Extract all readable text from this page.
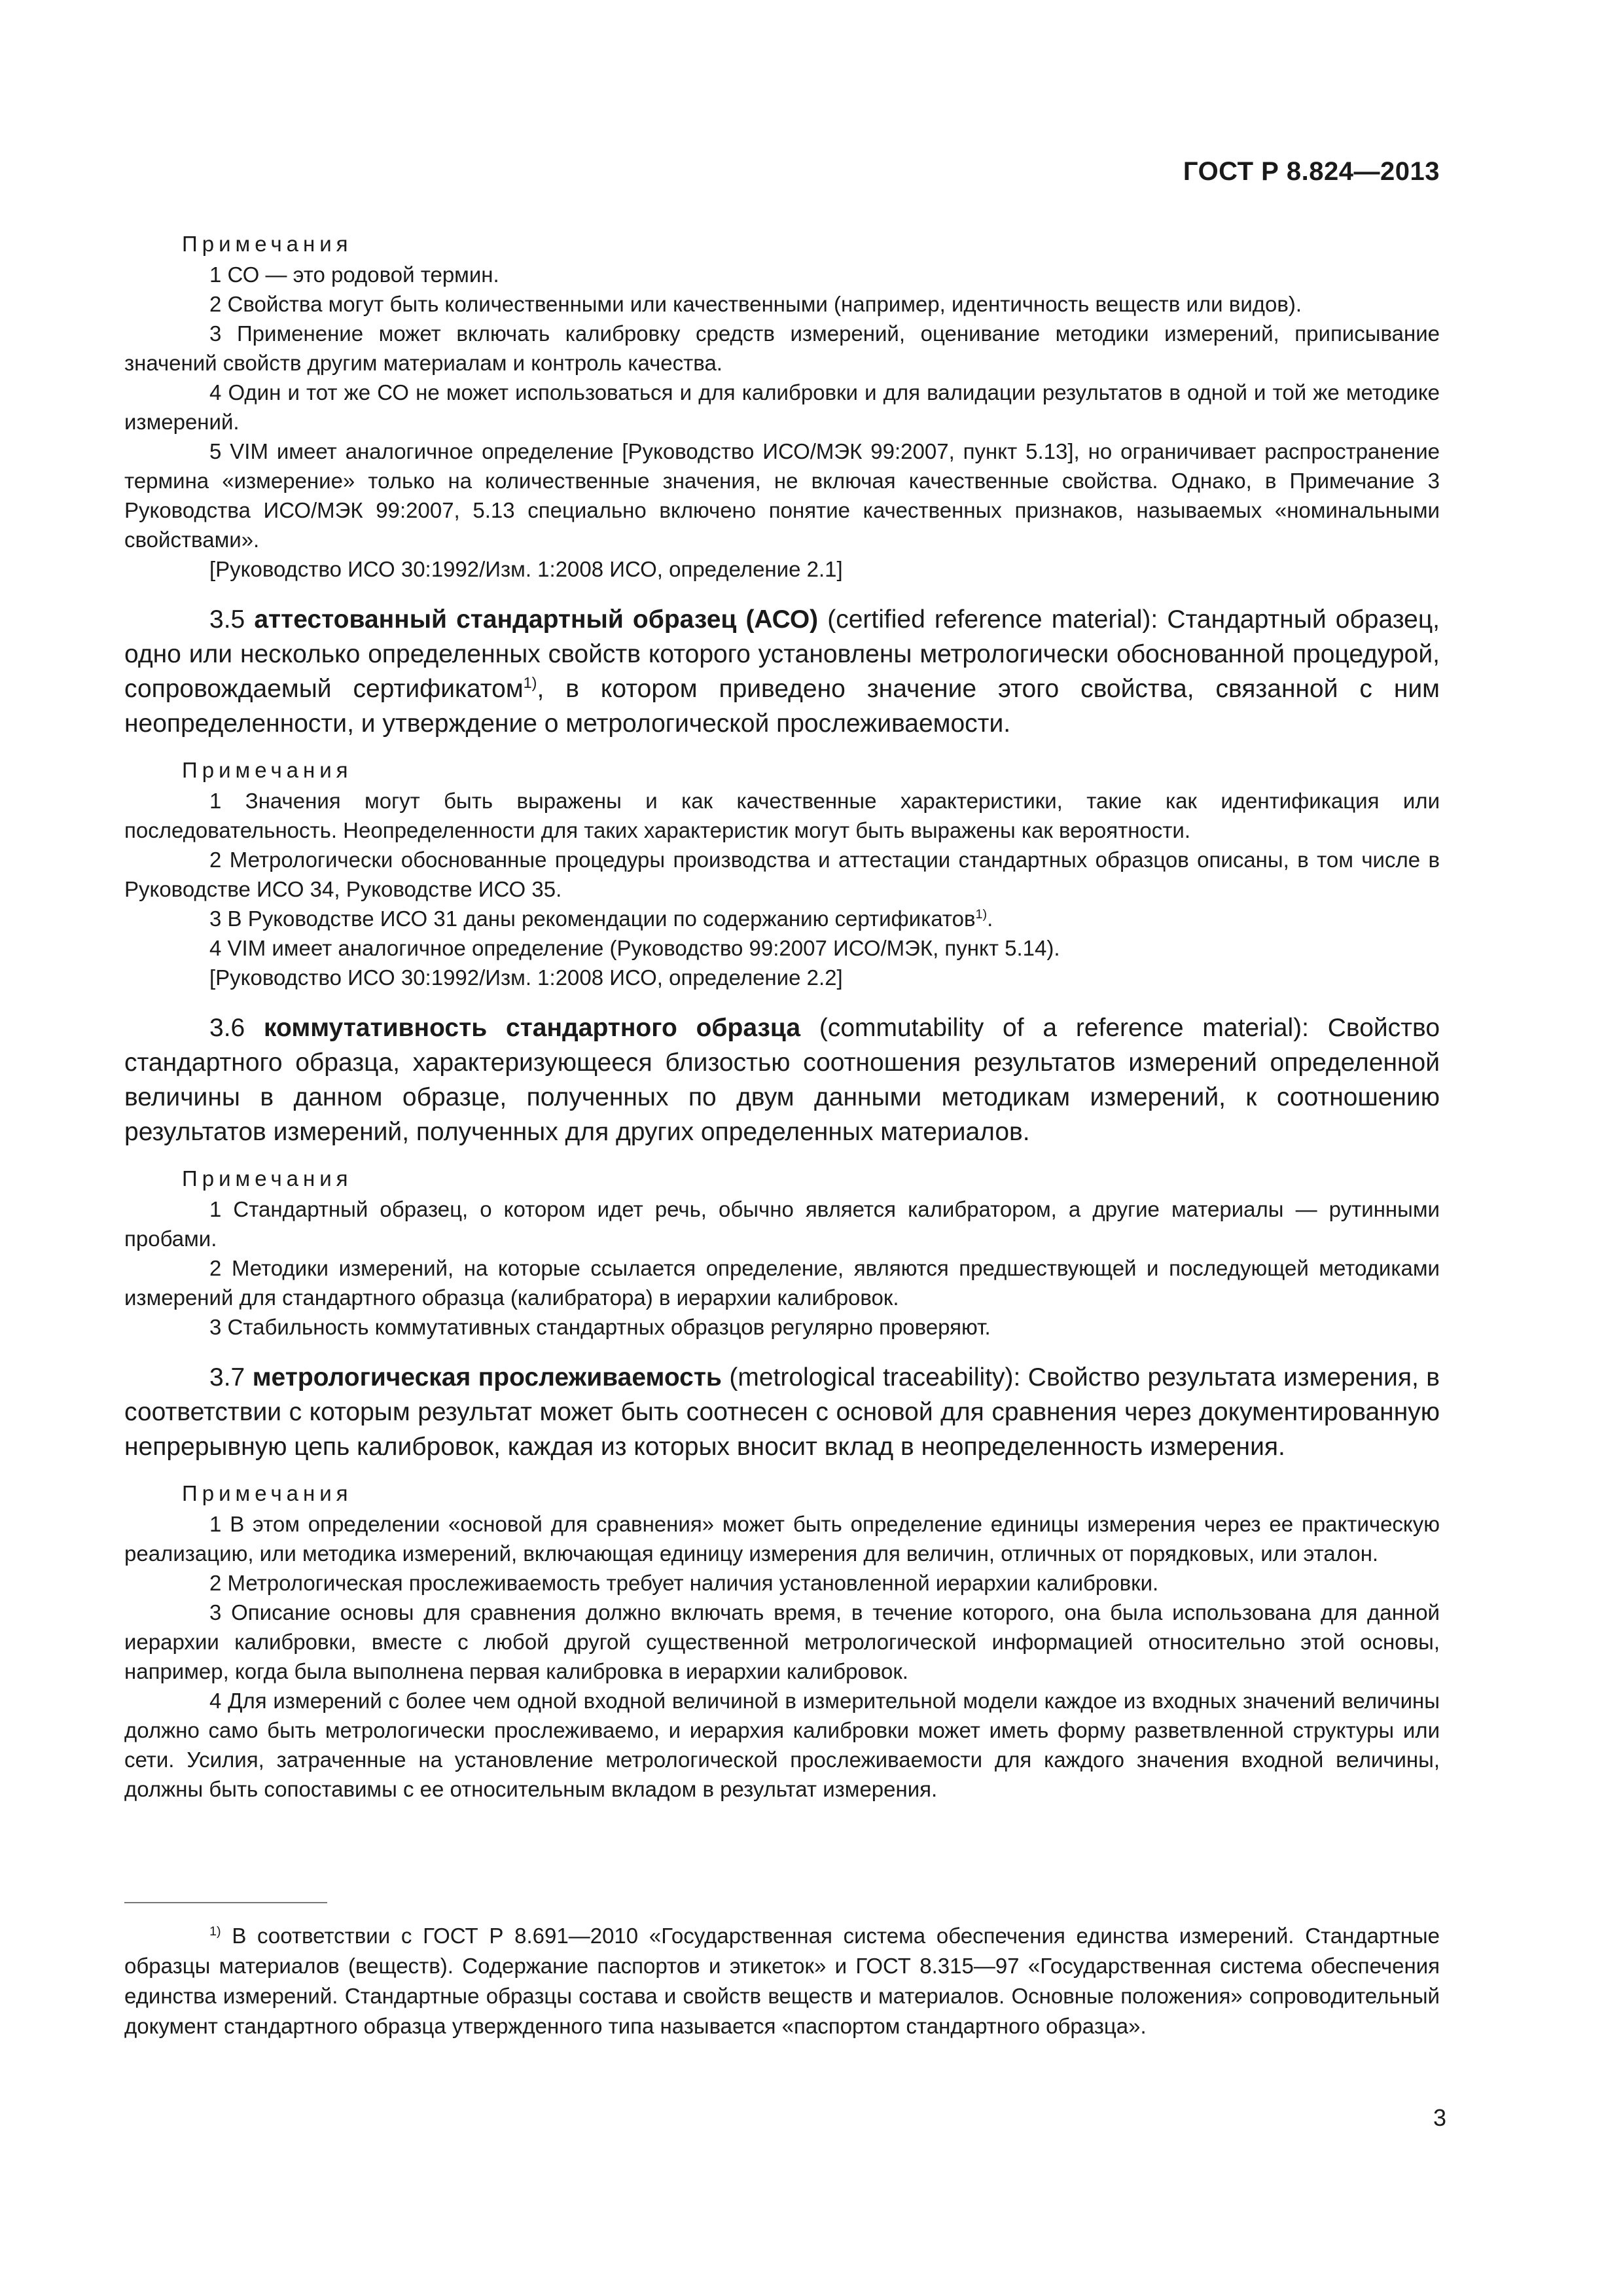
ГОСТ Р 8.824—2013

Примечания

1 СО — это родовой термин.

2 Свойства могут быть количественными или качественными (например, идентичность веществ или видов).

3 Применение может включать калибровку средств измерений, оценивание методики измерений, приписывание значений свойств другим материалам и контроль качества.

4 Один и тот же СО не может использоваться и для калибровки и для валидации результатов в одной и той же методике измерений.

5 VIM имеет аналогичное определение [Руководство ИСО/МЭК 99:2007, пункт 5.13], но ограничивает распространение термина «измерение» только на количественные значения, не включая качественные свойства. Однако, в Примечание 3 Руководства ИСО/МЭК 99:2007, 5.13 специально включено понятие качественных признаков, называемых «номинальными свойствами».

[Руководство ИСО 30:1992/Изм. 1:2008 ИСО, определение 2.1]

3.5 аттестованный стандартный образец (АСО) (certified reference material): Стандартный образец, одно или несколько определенных свойств которого установлены метрологически обоснованной процедурой, сопровождаемый сертификатом$^{1)}$, в котором приведено значение этого свойства, связанной с ним неопределенности, и утверждение о метрологической прослеживаемости.

Примечания

1 Значения могут быть выражены и как качественные характеристики, такие как идентификация или последовательность. Неопределенности для таких характеристик могут быть выражены как вероятности.

2 Метрологически обоснованные процедуры производства и аттестации стандартных образцов описаны, в том числе в Руководстве ИСО 34, Руководстве ИСО 35.

3 В Руководстве ИСО 31 даны рекомендации по содержанию сертификатов$^{1)}$.

4 VIM имеет аналогичное определение (Руководство 99:2007 ИСО/МЭК, пункт 5.14).

[Руководство ИСО 30:1992/Изм. 1:2008 ИСО, определение 2.2]

3.6 коммутативность стандартного образца (commutability of a reference material): Свойство стандартного образца, характеризующееся близостью соотношения результатов измерений определенной величины в данном образце, полученных по двум данными методикам измерений, к соотношению результатов измерений, полученных для других определенных материалов.

Примечания

1 Стандартный образец, о котором идет речь, обычно является калибратором, а другие материалы — рутинными пробами.

2 Методики измерений, на которые ссылается определение, являются предшествующей и последующей методиками измерений для стандартного образца (калибратора) в иерархии калибровок.

3 Стабильность коммутативных стандартных образцов регулярно проверяют.

3.7 метрологическая прослеживаемость (metrological traceability): Свойство результата измерения, в соответствии с которым результат может быть соотнесен с основой для сравнения через документированную непрерывную цепь калибровок, каждая из которых вносит вклад в неопределенность измерения.

Примечания

1 В этом определении «основой для сравнения» может быть определение единицы измерения через ее практическую реализацию, или методика измерений, включающая единицу измерения для величин, отличных от порядковых, или эталон.

2 Метрологическая прослеживаемость требует наличия установленной иерархии калибровки.

3 Описание основы для сравнения должно включать время, в течение которого, она была использована для данной иерархии калибровки, вместе с любой другой существенной метрологической информацией относительно этой основы, например, когда была выполнена первая калибровка в иерархии калибровок.

4 Для измерений с более чем одной входной величиной в измерительной модели каждое из входных значений величины должно само быть метрологически прослеживаемо, и иерархия калибровки может иметь форму разветвленной структуры или сети. Усилия, затраченные на установление метрологической прослеживаемости для каждого значения входной величины, должны быть сопоставимы с ее относительным вкладом в результат измерения.

$^{1)}$ В соответствии с ГОСТ Р 8.691—2010 «Государственная система обеспечения единства измерений. Стандартные образцы материалов (веществ). Содержание паспортов и этикеток» и ГОСТ 8.315—97 «Государственная система обеспечения единства измерений. Стандартные образцы состава и свойств веществ и материалов. Основные положения» сопроводительный документ стандартного образца утвержденного типа называется «паспортом стандартного образца».

3
